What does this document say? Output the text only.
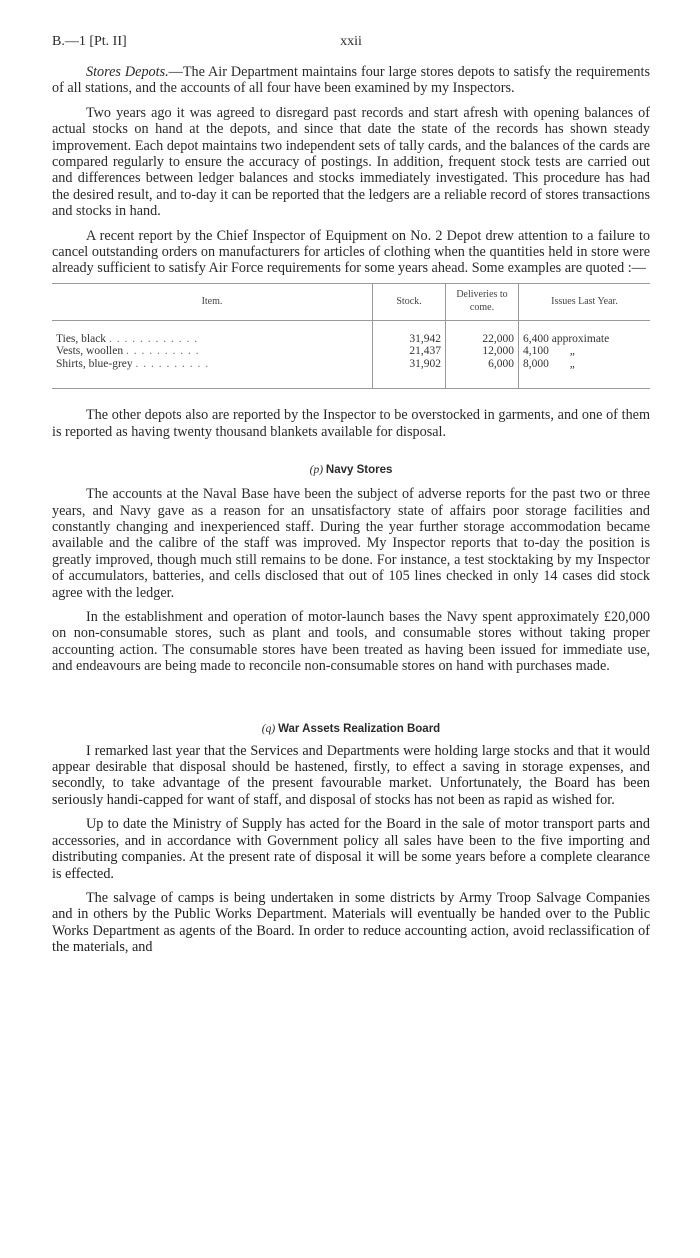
B.—1 [Pt. II]	xxii

Stores Depots.—The Air Department maintains four large stores depots to satisfy the requirements of all stations, and the accounts of all four have been examined by my Inspectors.

Two years ago it was agreed to disregard past records and start afresh with opening balances of actual stocks on hand at the depots, and since that date the state of the records has shown steady improvement. Each depot maintains two independent sets of tally cards, and the balances of the cards are compared regularly to ensure the accuracy of postings. In addition, frequent stock tests are carried out and differences between ledger balances and stocks immediately investigated. This procedure has had the desired result, and to-day it can be reported that the ledgers are a reliable record of stores transactions and stocks in hand.

A recent report by the Chief Inspector of Equipment on No. 2 Depot drew attention to a failure to cancel outstanding orders on manufacturers for articles of clothing when the quantities held in store were already sufficient to satisfy Air Force requirements for some years ahead. Some examples are quoted :—

Item.	Stock.	Deliveries to come.	Issues Last Year.

Ties, black . . . . . . . . . . . .	31,942	22,000	6,400 approximate
Vests, woollen . . . . . . . . . .	21,437	12,000	4,100 „
Shirts, blue-grey . . . . . . . . . .	31,902	6,000	8,000 „

The other depots also are reported by the Inspector to be overstocked in garments, and one of them is reported as having twenty thousand blankets available for disposal.

(p) Navy Stores

The accounts at the Naval Base have been the subject of adverse reports for the past two or three years, and Navy gave as a reason for an unsatisfactory state of affairs poor storage facilities and constantly changing and inexperienced staff. During the year further storage accommodation became available and the calibre of the staff was improved. My Inspector reports that to-day the position is greatly improved, though much still remains to be done. For instance, a test stocktaking by my Inspector of accumulators, batteries, and cells disclosed that out of 105 lines checked in only 14 cases did stock agree with the ledger.

In the establishment and operation of motor-launch bases the Navy spent approximately £20,000 on non-consumable stores, such as plant and tools, and consumable stores without taking proper accounting action. The consumable stores have been treated as having been issued for immediate use, and endeavours are being made to reconcile non-consumable stores on hand with purchases made.

(q) War Assets Realization Board

I remarked last year that the Services and Departments were holding large stocks and that it would appear desirable that disposal should be hastened, firstly, to effect a saving in storage expenses, and secondly, to take advantage of the present favourable market. Unfortunately, the Board has been seriously handi-capped for want of staff, and disposal of stocks has not been as rapid as wished for.

Up to date the Ministry of Supply has acted for the Board in the sale of motor transport parts and accessories, and in accordance with Government policy all sales have been to the five importing and distributing companies. At the present rate of disposal it will be some years before a complete clearance is effected.

The salvage of camps is being undertaken in some districts by Army Troop Salvage Companies and in others by the Public Works Department. Materials will eventually be handed over to the Public Works Department as agents of the Board. In order to reduce accounting action, avoid reclassification of the materials, and
